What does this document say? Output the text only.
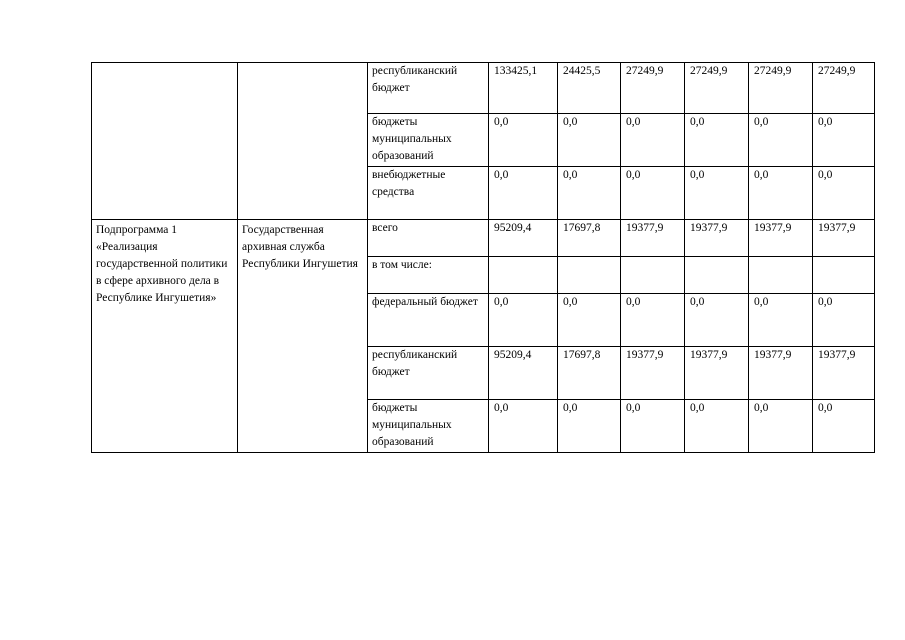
		республиканский бюджет	133425,1	24425,5	27249,9	27249,9	27249,9	27249,9

		бюджеты муниципальных образований	0,0	0,0	0,0	0,0	0,0	0,0

		внебюджетные средства	0,0	0,0	0,0	0,0	0,0	0,0

Подпрограмма 1 «Реализация государственной политики в сфере архивного дела в Республике Ингушетия»	Государственная архивная служба Республики Ингушетия	всего	95209,4	17697,8	19377,9	19377,9	19377,9	19377,9

		в том числе:						

		федеральный бюджет	0,0	0,0	0,0	0,0	0,0	0,0

		республиканский бюджет	95209,4	17697,8	19377,9	19377,9	19377,9	19377,9

		бюджеты муниципальных образований	0,0	0,0	0,0	0,0	0,0	0,0
